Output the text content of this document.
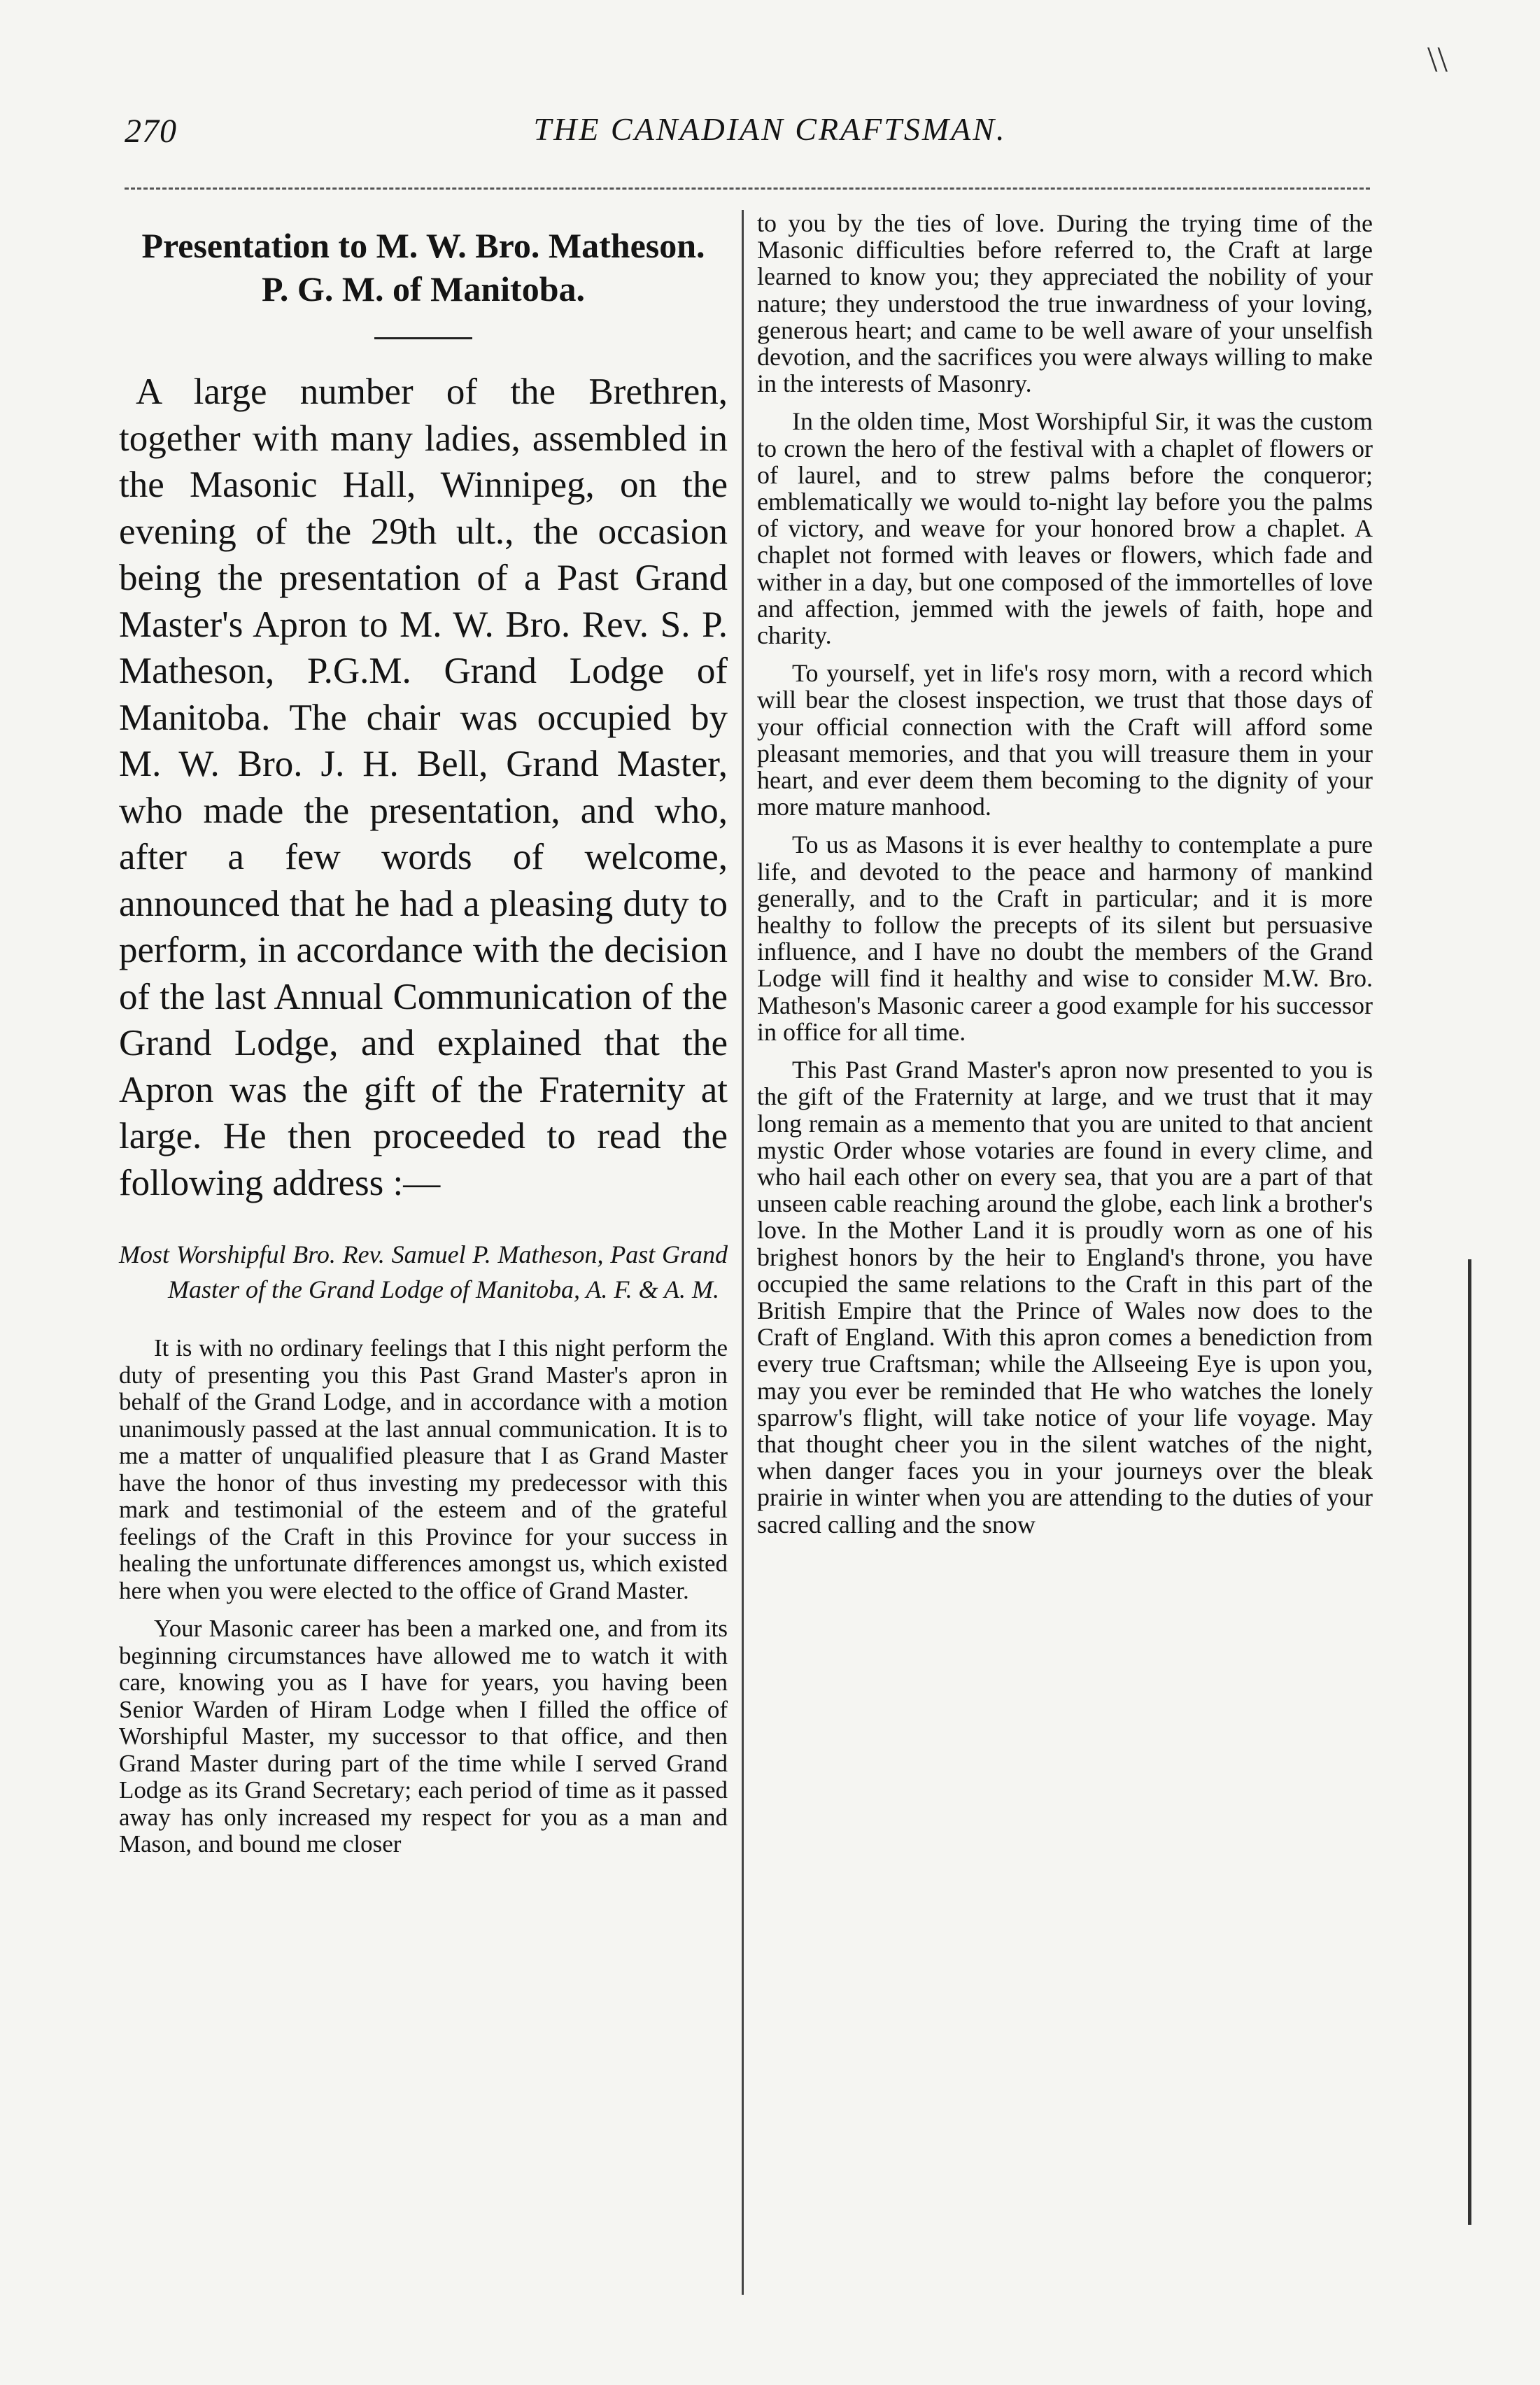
\\
270	THE CANADIAN CRAFTSMAN.
Presentation to M. W. Bro. Matheson.
P. G. M. of Manitoba.

A large number of the Brethren, together with many ladies, assembled in the Masonic Hall, Winnipeg, on the evening of the 29th ult., the occasion being the presentation of a Past Grand Master's Apron to M. W. Bro. Rev. S. P. Matheson, P.G.M. Grand Lodge of Manitoba. The chair was occupied by M. W. Bro. J. H. Bell, Grand Master, who made the presentation, and who, after a few words of welcome, announced that he had a pleasing duty to perform, in accordance with the decision of the last Annual Communication of the Grand Lodge, and explained that the Apron was the gift of the Fraternity at large. He then proceeded to read the following address :—

Most Worshipful Bro. Rev. Samuel P. Matheson, Past Grand Master of the Grand Lodge of Manitoba, A. F. & A. M.

It is with no ordinary feelings that I this night perform the duty of presenting you this Past Grand Master's apron in behalf of the Grand Lodge, and in accordance with a motion unanimously passed at the last annual communication. It is to me a matter of unqualified pleasure that I as Grand Master have the honor of thus investing my predecessor with this mark and testimonial of the esteem and of the grateful feelings of the Craft in this Province for your success in healing the unfortunate differences amongst us, which existed here when you were elected to the office of Grand Master.

Your Masonic career has been a marked one, and from its beginning circumstances have allowed me to watch it with care, knowing you as I have for years, you having been Senior Warden of Hiram Lodge when I filled the office of Worshipful Master, my successor to that office, and then Grand Master during part of the time while I served Grand Lodge as its Grand Secretary; each period of time as it passed away has only increased my respect for you as a man and Mason, and bound me closer

to you by the ties of love. During the trying time of the Masonic difficulties before referred to, the Craft at large learned to know you; they appreciated the nobility of your nature; they understood the true inwardness of your loving, generous heart; and came to be well aware of your unselfish devotion, and the sacrifices you were always willing to make in the interests of Masonry.

In the olden time, Most Worshipful Sir, it was the custom to crown the hero of the festival with a chaplet of flowers or of laurel, and to strew palms before the conqueror; emblematically we would to-night lay before you the palms of victory, and weave for your honored brow a chaplet. A chaplet not formed with leaves or flowers, which fade and wither in a day, but one composed of the immortelles of love and affection, jemmed with the jewels of faith, hope and charity.

To yourself, yet in life's rosy morn, with a record which will bear the closest inspection, we trust that those days of your official connection with the Craft will afford some pleasant memories, and that you will treasure them in your heart, and ever deem them becoming to the dignity of your more mature manhood.

To us as Masons it is ever healthy to contemplate a pure life, and devoted to the peace and harmony of mankind generally, and to the Craft in particular; and it is more healthy to follow the precepts of its silent but persuasive influence, and I have no doubt the members of the Grand Lodge will find it healthy and wise to consider M.W. Bro. Matheson's Masonic career a good example for his successor in office for all time.

This Past Grand Master's apron now presented to you is the gift of the Fraternity at large, and we trust that it may long remain as a memento that you are united to that ancient mystic Order whose votaries are found in every clime, and who hail each other on every sea, that you are a part of that unseen cable reaching around the globe, each link a brother's love. In the Mother Land it is proudly worn as one of his brighest honors by the heir to England's throne, you have occupied the same relations to the Craft in this part of the British Empire that the Prince of Wales now does to the Craft of England. With this apron comes a benediction from every true Craftsman; while the Allseeing Eye is upon you, may you ever be reminded that He who watches the lonely sparrow's flight, will take notice of your life voyage. May that thought cheer you in the silent watches of the night, when danger faces you in your journeys over the bleak prairie in winter when you are attending to the duties of your sacred calling and the snow
